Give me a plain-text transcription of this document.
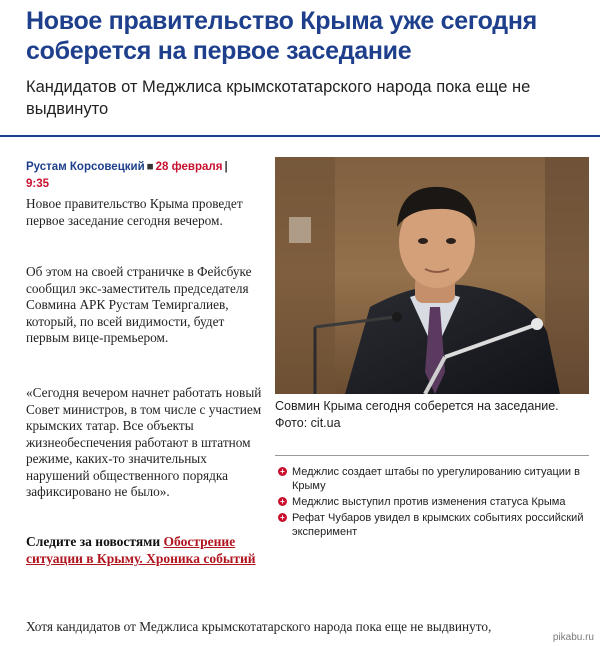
Новое правительство Крыма уже сегодня соберется на первое заседание
Кандидатов от Меджлиса крымскотатарского народа пока еще не выдвинуто
Рустам Корсовецкий ■ 28 февраля |
9:35

Новое правительство Крыма проведет первое заседание сегодня вечером.

Об этом на своей страничке в Фейсбуке сообщил экс-заместитель председателя Совмина АРК Рустам Темиргалиев, который, по всей видимости, будет первым вице-премьером.

«Сегодня вечером начнет работать новый Совет министров, в том числе с участием крымских татар. Все объекты жизнеобеспечения работают в штатном режиме, каких-то значительных нарушений общественного порядка зафиксировано не было».

Следите за новостями Обострение ситуации в Крыму. Хроника событий
Совмин Крыма сегодня соберется на заседание. Фото: cit.ua
+ Меджлис создает штабы по урегулированию ситуации в Крыму
+ Меджлис выступил против изменения статуса Крыма
+ Рефат Чубаров увидел в крымских событиях российский эксперимент

Хотя кандидатов от Меджлиса крымскотатарского народа пока еще не выдвинуто,

pikabu.ru
